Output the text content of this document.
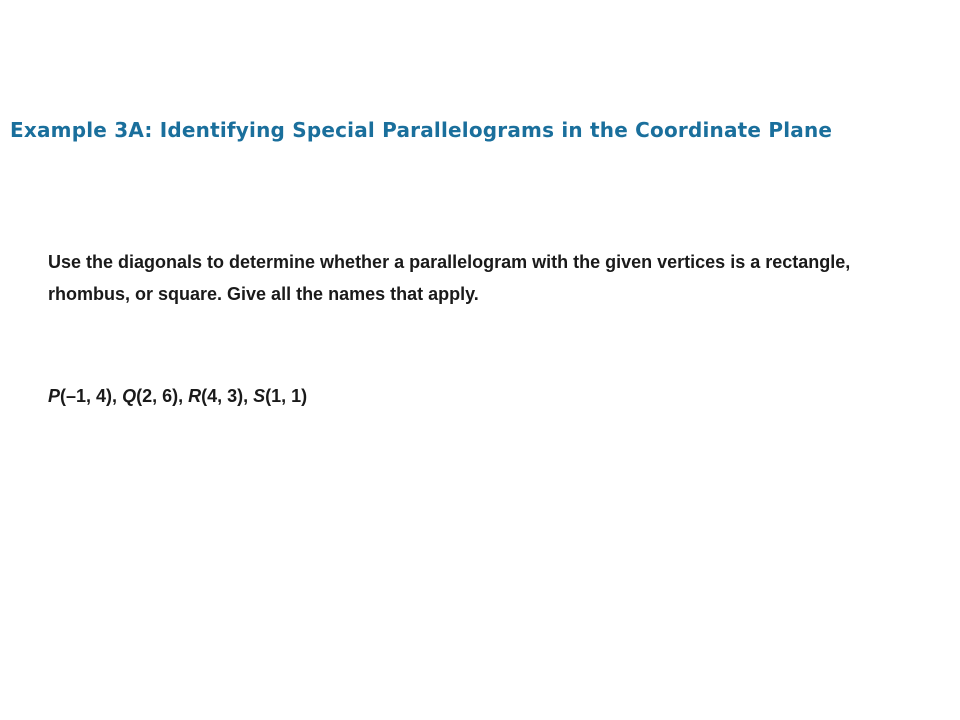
Example 3A: Identifying Special Parallelograms in the Coordinate Plane

Use the diagonals to determine whether a parallelogram with the given vertices is a rectangle, rhombus, or square. Give all the names that apply.

P(–1, 4), Q(2, 6), R(4, 3), S(1, 1)
